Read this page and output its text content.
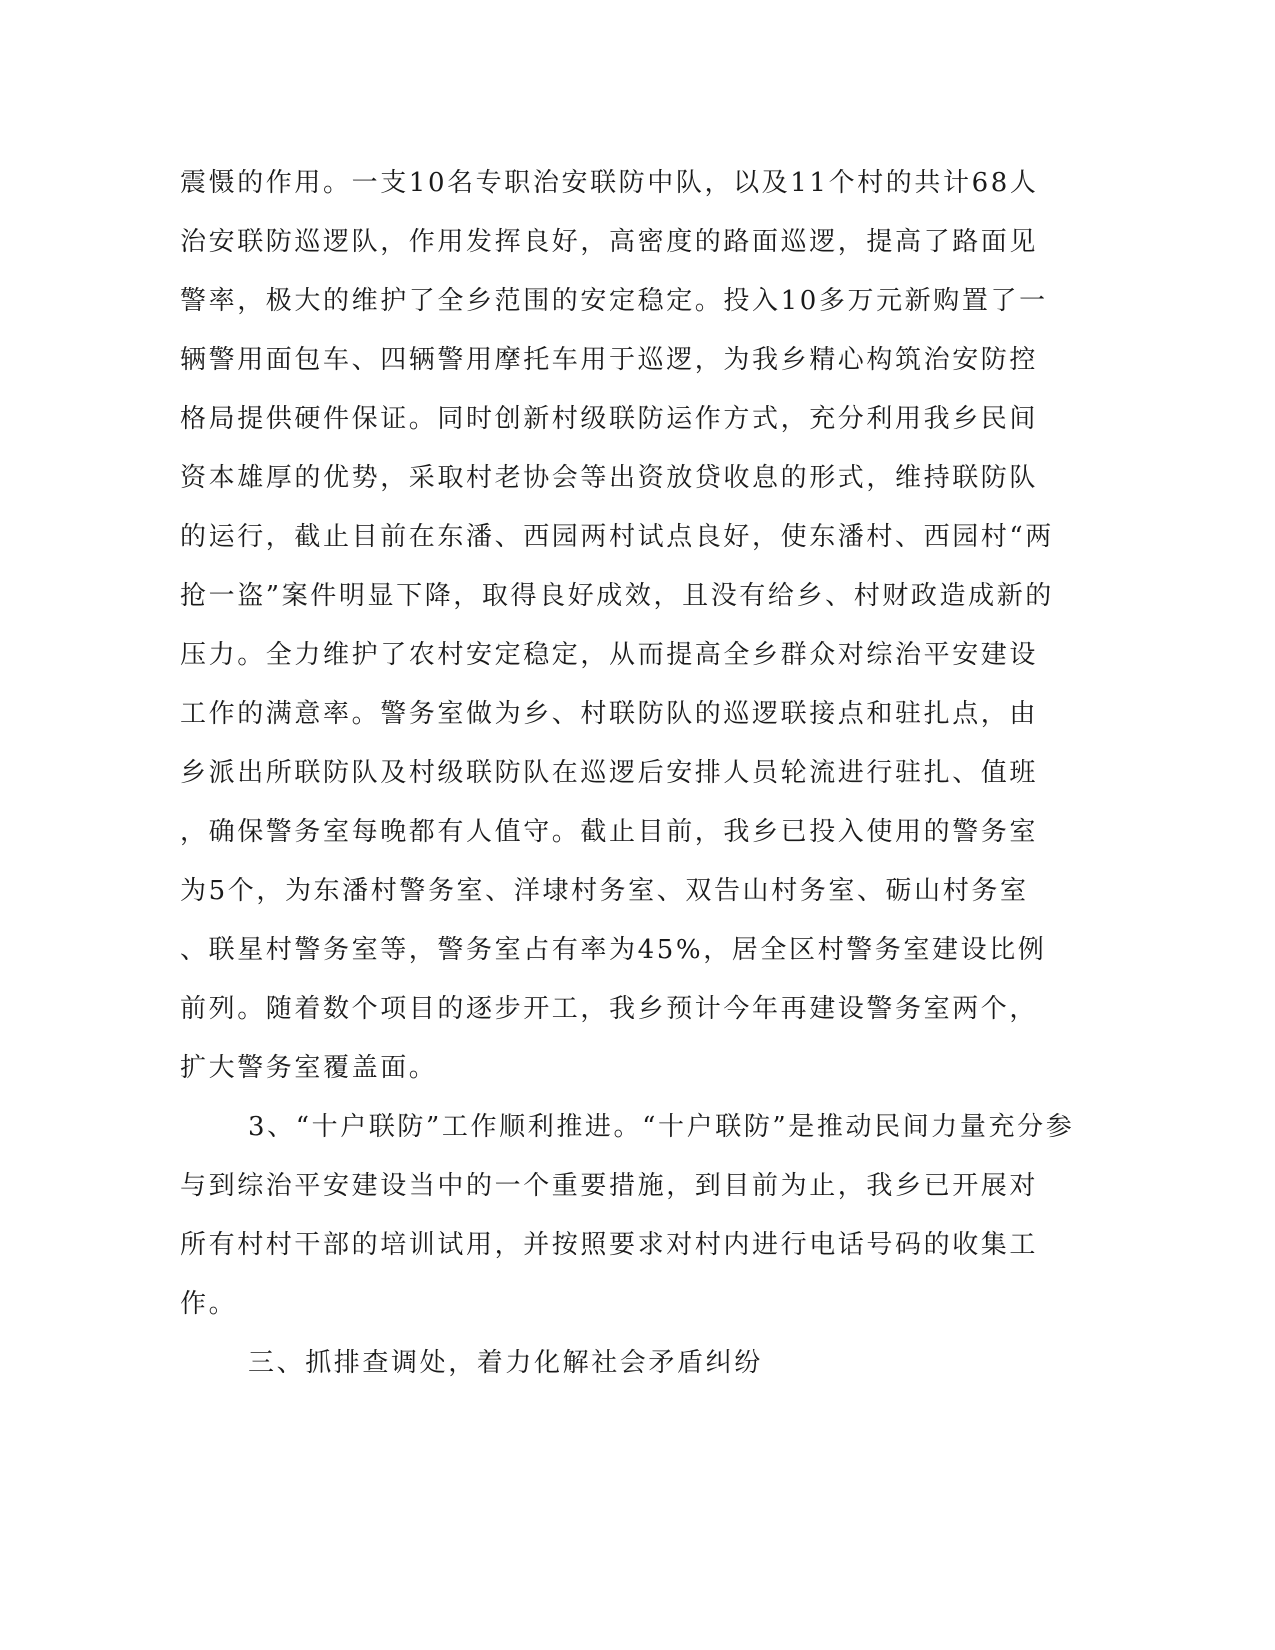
震慑的作用。一支10名专职治安联防中队，以及11个村的共计68人
治安联防巡逻队，作用发挥良好，高密度的路面巡逻，提高了路面见
警率，极大的维护了全乡范围的安定稳定。投入10多万元新购置了一
辆警用面包车、四辆警用摩托车用于巡逻，为我乡精心构筑治安防控
格局提供硬件保证。同时创新村级联防运作方式，充分利用我乡民间
资本雄厚的优势，采取村老协会等出资放贷收息的形式，维持联防队
的运行，截止目前在东潘、西园两村试点良好，使东潘村、西园村“两
抢一盗”案件明显下降，取得良好成效，且没有给乡、村财政造成新的
压力。全力维护了农村安定稳定，从而提高全乡群众对综治平安建设
工作的满意率。警务室做为乡、村联防队的巡逻联接点和驻扎点，由
乡派出所联防队及村级联防队在巡逻后安排人员轮流进行驻扎、值班
，确保警务室每晚都有人值守。截止目前，我乡已投入使用的警务室
为5个，为东潘村警务室、洋埭村务室、双告山村务室、砺山村务室
、联星村警务室等，警务室占有率为45%，居全区村警务室建设比例
前列。随着数个项目的逐步开工，我乡预计今年再建设警务室两个，
扩大警务室覆盖面。
3、“十户联防”工作顺利推进。“十户联防”是推动民间力量充分参
与到综治平安建设当中的一个重要措施，到目前为止，我乡已开展对
所有村村干部的培训试用，并按照要求对村内进行电话号码的收集工
作。
三、抓排查调处，着力化解社会矛盾纠纷
